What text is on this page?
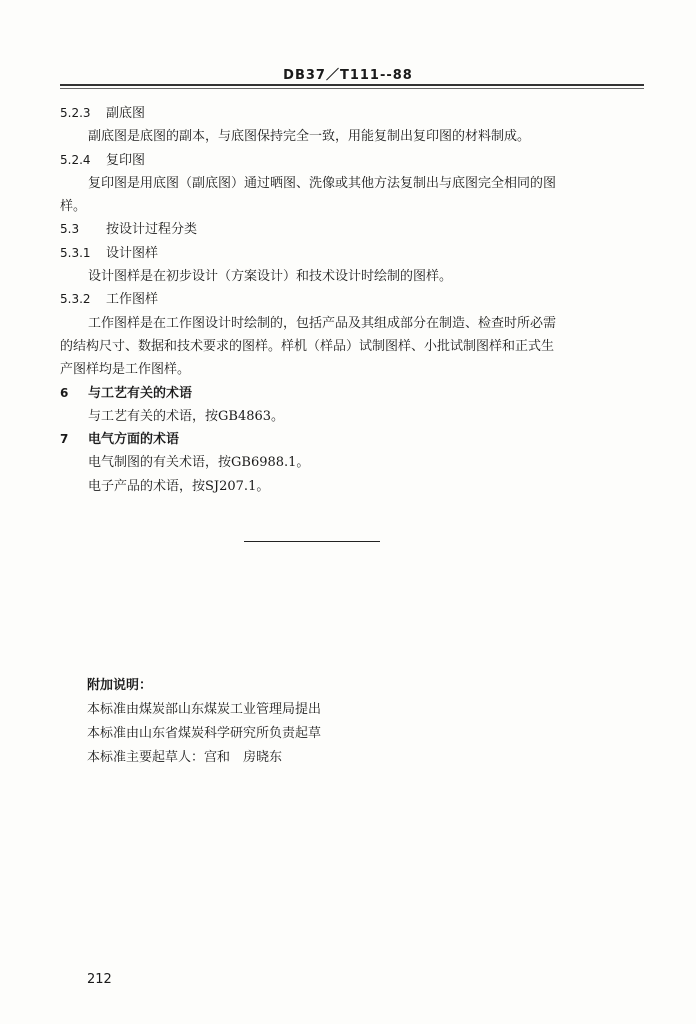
DB37／T111--88
5.2.3 副底图
副底图是底图的副本，与底图保持完全一致，用能复制出复印图的材料制成。
5.2.4 复印图
复印图是用底图（副底图）通过晒图、洗像或其他方法复制出与底图完全相同的图
样。
5.3 按设计过程分类
5.3.1 设计图样
设计图样是在初步设计（方案设计）和技术设计时绘制的图样。
5.3.2 工作图样
工作图样是在工作图设计时绘制的，包括产品及其组成部分在制造、检查时所必需
的结构尺寸、数据和技术要求的图样。样机（样品）试制图样、小批试制图样和正式生
产图样均是工作图样。
6 与工艺有关的术语
与工艺有关的术语，按GB4863。
7 电气方面的术语
电气制图的有关术语，按GB6988.1。
电子产品的术语，按SJ207.1。
附加说明：
本标准由煤炭部山东煤炭工业管理局提出
本标准由山东省煤炭科学研究所负责起草
本标准主要起草人：宫和　房晓东
212
